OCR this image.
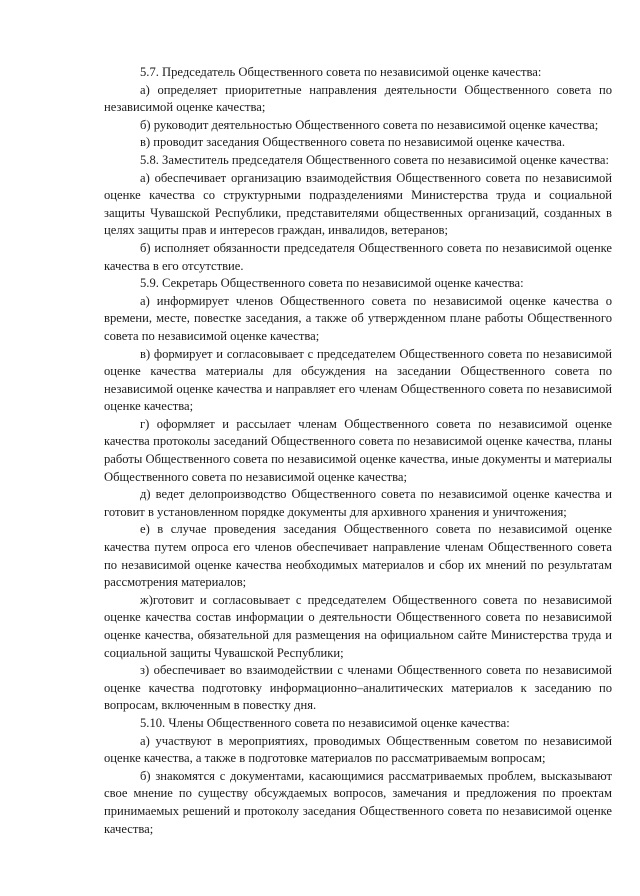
5.7. Председатель Общественного совета по независимой оценке качества:

а) определяет приоритетные направления деятельности Общественного совета по независимой оценке качества;

б) руководит деятельностью Общественного совета по независимой оценке качества;

в) проводит заседания Общественного совета по независимой оценке качества.

5.8. Заместитель председателя Общественного совета по независимой оценке качества:

а) обеспечивает организацию взаимодействия Общественного совета по независимой оценке качества со структурными подразделениями Министерства труда и социальной защиты Чувашской Республики, представителями общественных организаций, созданных в целях защиты прав и интересов граждан, инвалидов, ветеранов;

б) исполняет обязанности председателя Общественного совета по независимой оценке качества в его отсутствие.

5.9. Секретарь Общественного совета по независимой оценке качества:

а) информирует членов Общественного совета по независимой оценке качества о времени, месте, повестке заседания, а также об утвержденном плане работы Общественного совета по независимой оценке качества;

в) формирует и согласовывает с председателем Общественного совета по независимой оценке качества материалы для обсуждения на заседании Общественного совета по независимой оценке качества и направляет его членам Общественного совета по независимой оценке качества;

г) оформляет и рассылает членам Общественного совета по независимой оценке качества протоколы заседаний Общественного совета по независимой оценке качества, планы работы Общественного совета по независимой оценке качества, иные документы и материалы Общественного совета по независимой оценке качества;

д) ведет делопроизводство Общественного совета по независимой оценке качества и готовит в установленном порядке документы для архивного хранения и уничтожения;

е) в случае проведения заседания Общественного совета по независимой оценке качества путем опроса его членов обеспечивает направление членам Общественного совета по независимой оценке качества необходимых материалов и сбор их мнений по результатам рассмотрения материалов;

ж)готовит и согласовывает с председателем Общественного совета по независимой оценке качества состав информации о деятельности Общественного совета по независимой оценке качества, обязательной для размещения на официальном сайте Министерства труда и социальной защиты Чувашской Республики;

з) обеспечивает во взаимодействии с членами Общественного совета по независимой оценке качества подготовку информационно–аналитических материалов к заседанию по вопросам, включенным в повестку дня.

5.10. Члены Общественного совета по независимой оценке качества:

а) участвуют в мероприятиях, проводимых Общественным советом по независимой оценке качества, а также в подготовке материалов по рассматриваемым вопросам;

б) знакомятся с документами, касающимися рассматриваемых проблем, высказывают свое мнение по существу обсуждаемых вопросов, замечания и предложения по проектам принимаемых решений и протоколу заседания Общественного совета по независимой оценке качества;
